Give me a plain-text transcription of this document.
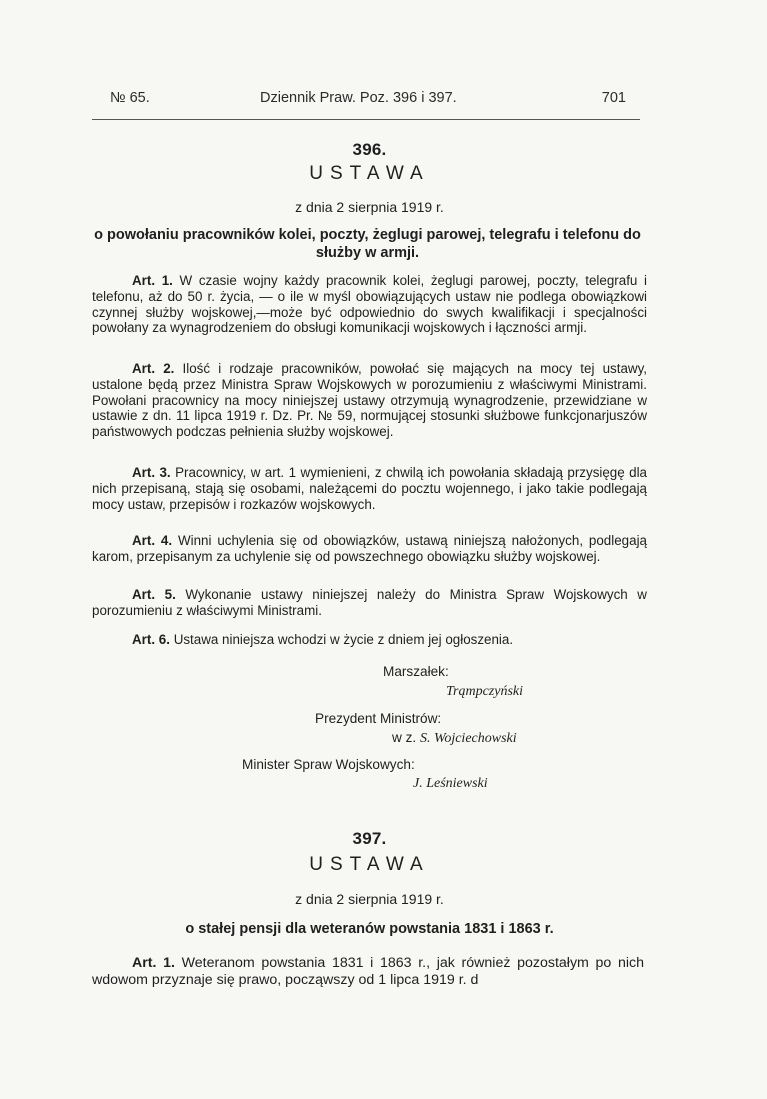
№ 65.	Dziennik Praw. Poz. 396 i 397.	701
396.
USTAWA
z dnia 2 sierpnia 1919 r.
o powołaniu pracowników kolei, poczty, żeglugi parowej, telegrafu i telefonu do służby w armji.

Art. 1. W czasie wojny każdy pracownik kolei, żeglugi parowej, poczty, telegrafu i telefonu, aż do 50 r. życia, — o ile w myśl obowiązujących ustaw nie podlega obowiązkowi czynnej służby wojskowej,—może być odpowiednio do swych kwalifikacji i specjalności powołany za wynagrodzeniem do obsługi komunikacji wojskowych i łączności armji.

Art. 2. Ilość i rodzaje pracowników, powołać się mających na mocy tej ustawy, ustalone będą przez Ministra Spraw Wojskowych w porozumieniu z właściwymi Ministrami. Powołani pracownicy na mocy niniejszej ustawy otrzymują wynagrodzenie, przewidziane w ustawie z dn. 11 lipca 1919 r. Dz. Pr. № 59, normującej stosunki służbowe funkcjonarjuszów państwowych podczas pełnienia służby wojskowej.

Art. 3. Pracownicy, w art. 1 wymienieni, z chwilą ich powołania składają przysięgę dla nich przepisaną, stają się osobami, należącemi do pocztu wojennego, i jako takie podlegają mocy ustaw, przepisów i rozkazów wojskowych.

Art. 4. Winni uchylenia się od obowiązków, ustawą niniejszą nałożonych, podlegają karom, przepisanym za uchylenie się od powszechnego obowiązku służby wojskowej.

Art. 5. Wykonanie ustawy niniejszej należy do Ministra Spraw Wojskowych w porozumieniu z właściwymi Ministrami.

Art. 6. Ustawa niniejsza wchodzi w życie z dniem jej ogłoszenia.

Marszałek:
Trąmpczyński
Prezydent Ministrów:
w z. S. Wojciechowski
Minister Spraw Wojskowych:
J. Leśniewski
397.
USTAWA
z dnia 2 sierpnia 1919 r.
o stałej pensji dla weteranów powstania 1831 i 1863 r.

Art. 1. Weteranom powstania 1831 i 1863 r., jak również pozostałym po nich wdowom przyznaje się prawo, począwszy od 1 lipca 1919 r. d
